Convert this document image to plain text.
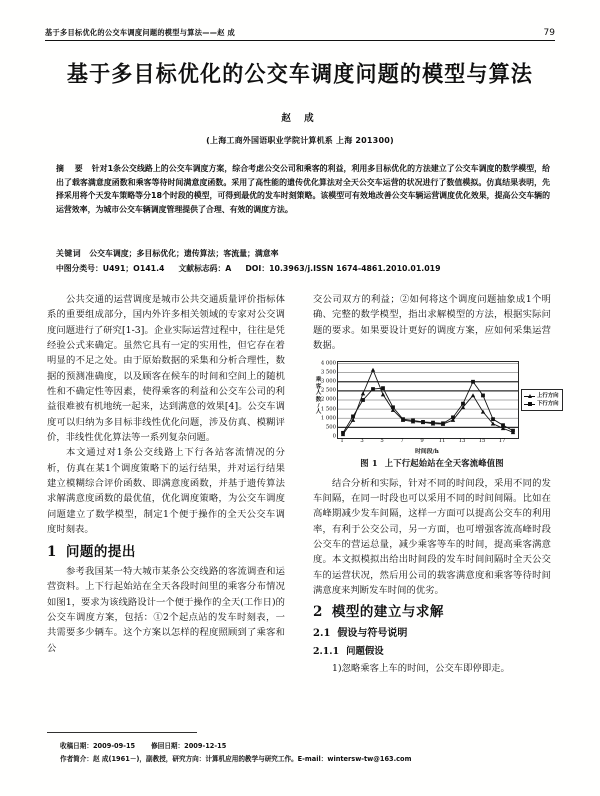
基于多目标优化的公交车调度问题的模型与算法——赵 成	79
基于多目标优化的公交车调度问题的模型与算法
赵 成
(上海工商外国语职业学院计算机系 上海 201300)
摘 要 针对1条公交线路上的公交车调度方案，综合考虑公交公司和乘客的利益，利用多目标优化的方法建立了公交车调度的数学模型，给出了载客满意度函数和乘客等待时间满意度函数。采用了高性能的遗传优化算法对全天公交车运营的状况进行了数值模拟。仿真结果表明，先择采用将个天发车策略等分18个时段的模型，可得到最优的发车时刻策略。该模型可有效地改善公交车辆运营调度优化效果，提高公交车辆的运营效率，为城市公交车辆调度管理提供了合理、有效的调度方法。
关键词 公交车调度；多目标优化；遗传算法；客流量；满意率
中图分类号：U491；O141.4 文献标志码：A DOI：10.3963/j.ISSN 1674-4861.2010.01.019

公共交通的运营调度是城市公共交通质量评价指标体系的重要组成部分，国内外许多相关领域的专家对公交调度问题进行了研究[1-3]。企业实际运营过程中，往往是凭经验公式来确定。虽然它具有一定的实用性，但它存在着明显的不足之处。由于原始数据的采集和分析合理性，数据的预测准确度，以及顾客在候车的时间和空间上的随机性和不确定性等因素，使得乘客的利益和公交车公司的利益很难被有机地统一起来，达到满意的效果[4]。公交车调度可以归纳为多目标非线性优化问题，涉及仿真、模糊评价，非线性优化算法等一系列复杂问题。

本文通过对1条公交线路上下行各站客流情况的分析，仿真在某1个调度策略下的运行结果，并对运行结果建立模糊综合评价函数、即满意度函数，并基于遗传算法求解满意度函数的最优值，优化调度策略，为公交车调度问题建立了数学模型，制定1个便于操作的全天公交车调度时刻表。

1 问题的提出

参考我国某一特大城市某条公交线路的客流调查和运营资料。上下行起始站在全天各段时间里的乘客分布情况如图1，要求为该线路设计一个便于操作的全天(工作日)的公交车调度方案，包括：①2个起点站的发车时刻表，一共需要多少辆车。这个方案以怎样的程度照顾到了乘客和公

交公司双方的利益；②如何将这个调度问题抽象成1个明确、完整的数学模型，指出求解模型的方法，根据实际问题的要求。如果要设计更好的调度方案，应如何采集运营数据。

乘
客
人
数
/
人
0
500
1 000
1 500
2 000
2 500
3 000
3 500
4 000
1	3	5	7	9	11	13	15	17
时间段/h
上行方向
下行方向
图 1 上下行起始站在全天客流峰值图

结合分析和实际，针对不同的时间段，采用不同的发车间隔，在同一时段也可以采用不同的时间间隔。比如在高峰期减少发车间隔，这样一方面可以提高公交车的利用率，有利于公交公司，另一方面，也可增强客流高峰时段公交车的营运总量，减少乘客等车的时间，提高乘客满意度。本文拟模拟出给出时间段的发车时间间隔时全天公交车的运营状况，然后用公司的载客满意度和乘客等待时间满意度来判断发车时间的优劣。

2 模型的建立与求解
2.1 假设与符号说明
2.1.1 问题假设

1)忽略乘客上车的时间，公交车即停即走。

收稿日期：2009-09-15 修回日期：2009-12-15
作者简介：赵 成(1961－)，副教授，研究方向：计算机应用的教学与研究工作。E-mail：wintersw-tw@163.com
